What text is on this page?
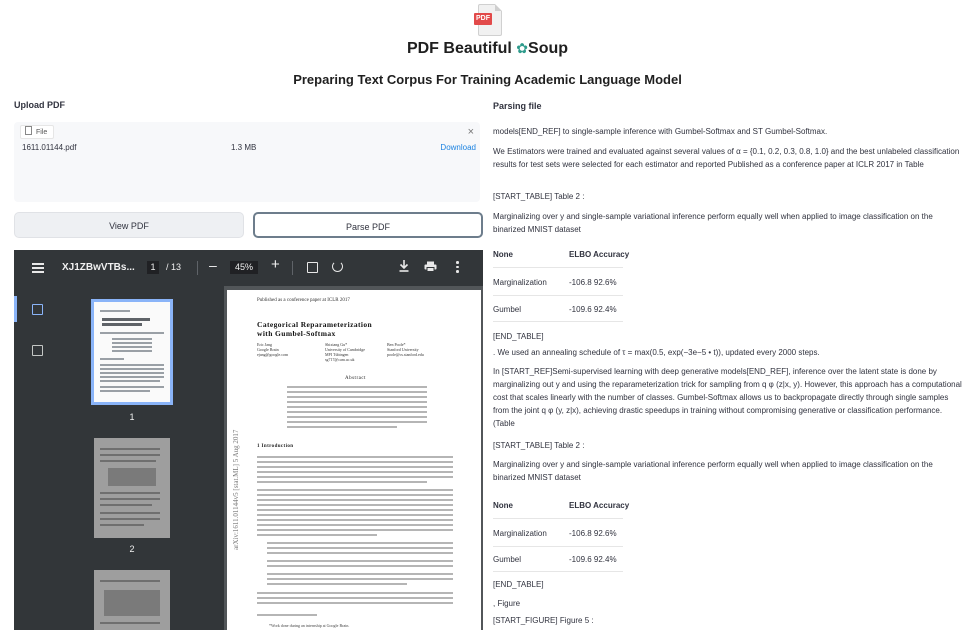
PDF
PDF Beautiful ✿Soup
Preparing Text Corpus For Training Academic Language Model
Upload PDF
File	×
1611.01144.pdf	1.3 MB	Download
View PDF	Parse PDF
XJ1ZBwVTBs...	1	/ 13 –	45%	+
1
2
Published as a conference paper at ICLR 2017
Categorical Reparameterization
with Gumbel-Softmax
Eric Jang
Google Brain
ejang@google.com
Shixiang Gu*
University of Cambridge
MPI Tübingen
sg717@cam.ac.uk
Ben Poole*
Stanford University
poole@cs.stanford.edu
Abstract
1 Introduction
*Work done during an internship at Google Brain.
arXiv:1611.01144v5 [stat.ML] 5 Aug 2017

Parsing file

models[END_REF] to single-sample inference with Gumbel-Softmax and ST Gumbel-Softmax.

We Estimators were trained and evaluated against several values of α = {0.1, 0.2, 0.3, 0.8, 1.0} and the best unlabeled classification results for test sets were selected for each estimator and reported Published as a conference paper at ICLR 2017 in Table

[START_TABLE] Table 2 :

Marginalizing over y and single-sample variational inference perform equally well when applied to image classification on the binarized MNIST dataset

None	ELBO Accuracy
Marginalization	-106.8 92.6%
Gumbel	-109.6 92.4%

[END_TABLE]

. We used an annealing schedule of τ = max(0.5, exp(−3e−5 • t)), updated every 2000 steps.

In [START_REF]Semi-supervised learning with deep generative models[END_REF], inference over the latent state is done by marginalizing out y and using the reparameterization trick for sampling from q φ (z|x, y). However, this approach has a computational cost that scales linearly with the number of classes. Gumbel-Softmax allows us to backpropagate directly through single samples from the joint q φ (y, z|x), achieving drastic speedups in training without compromising generative or classification performance. (Table

[START_TABLE] Table 2 :

Marginalizing over y and single-sample variational inference perform equally well when applied to image classification on the binarized MNIST dataset

None	ELBO Accuracy
Marginalization	-106.8 92.6%
Gumbel	-109.6 92.4%

[END_TABLE]

, Figure

[START_FIGURE] Figure 5 :
